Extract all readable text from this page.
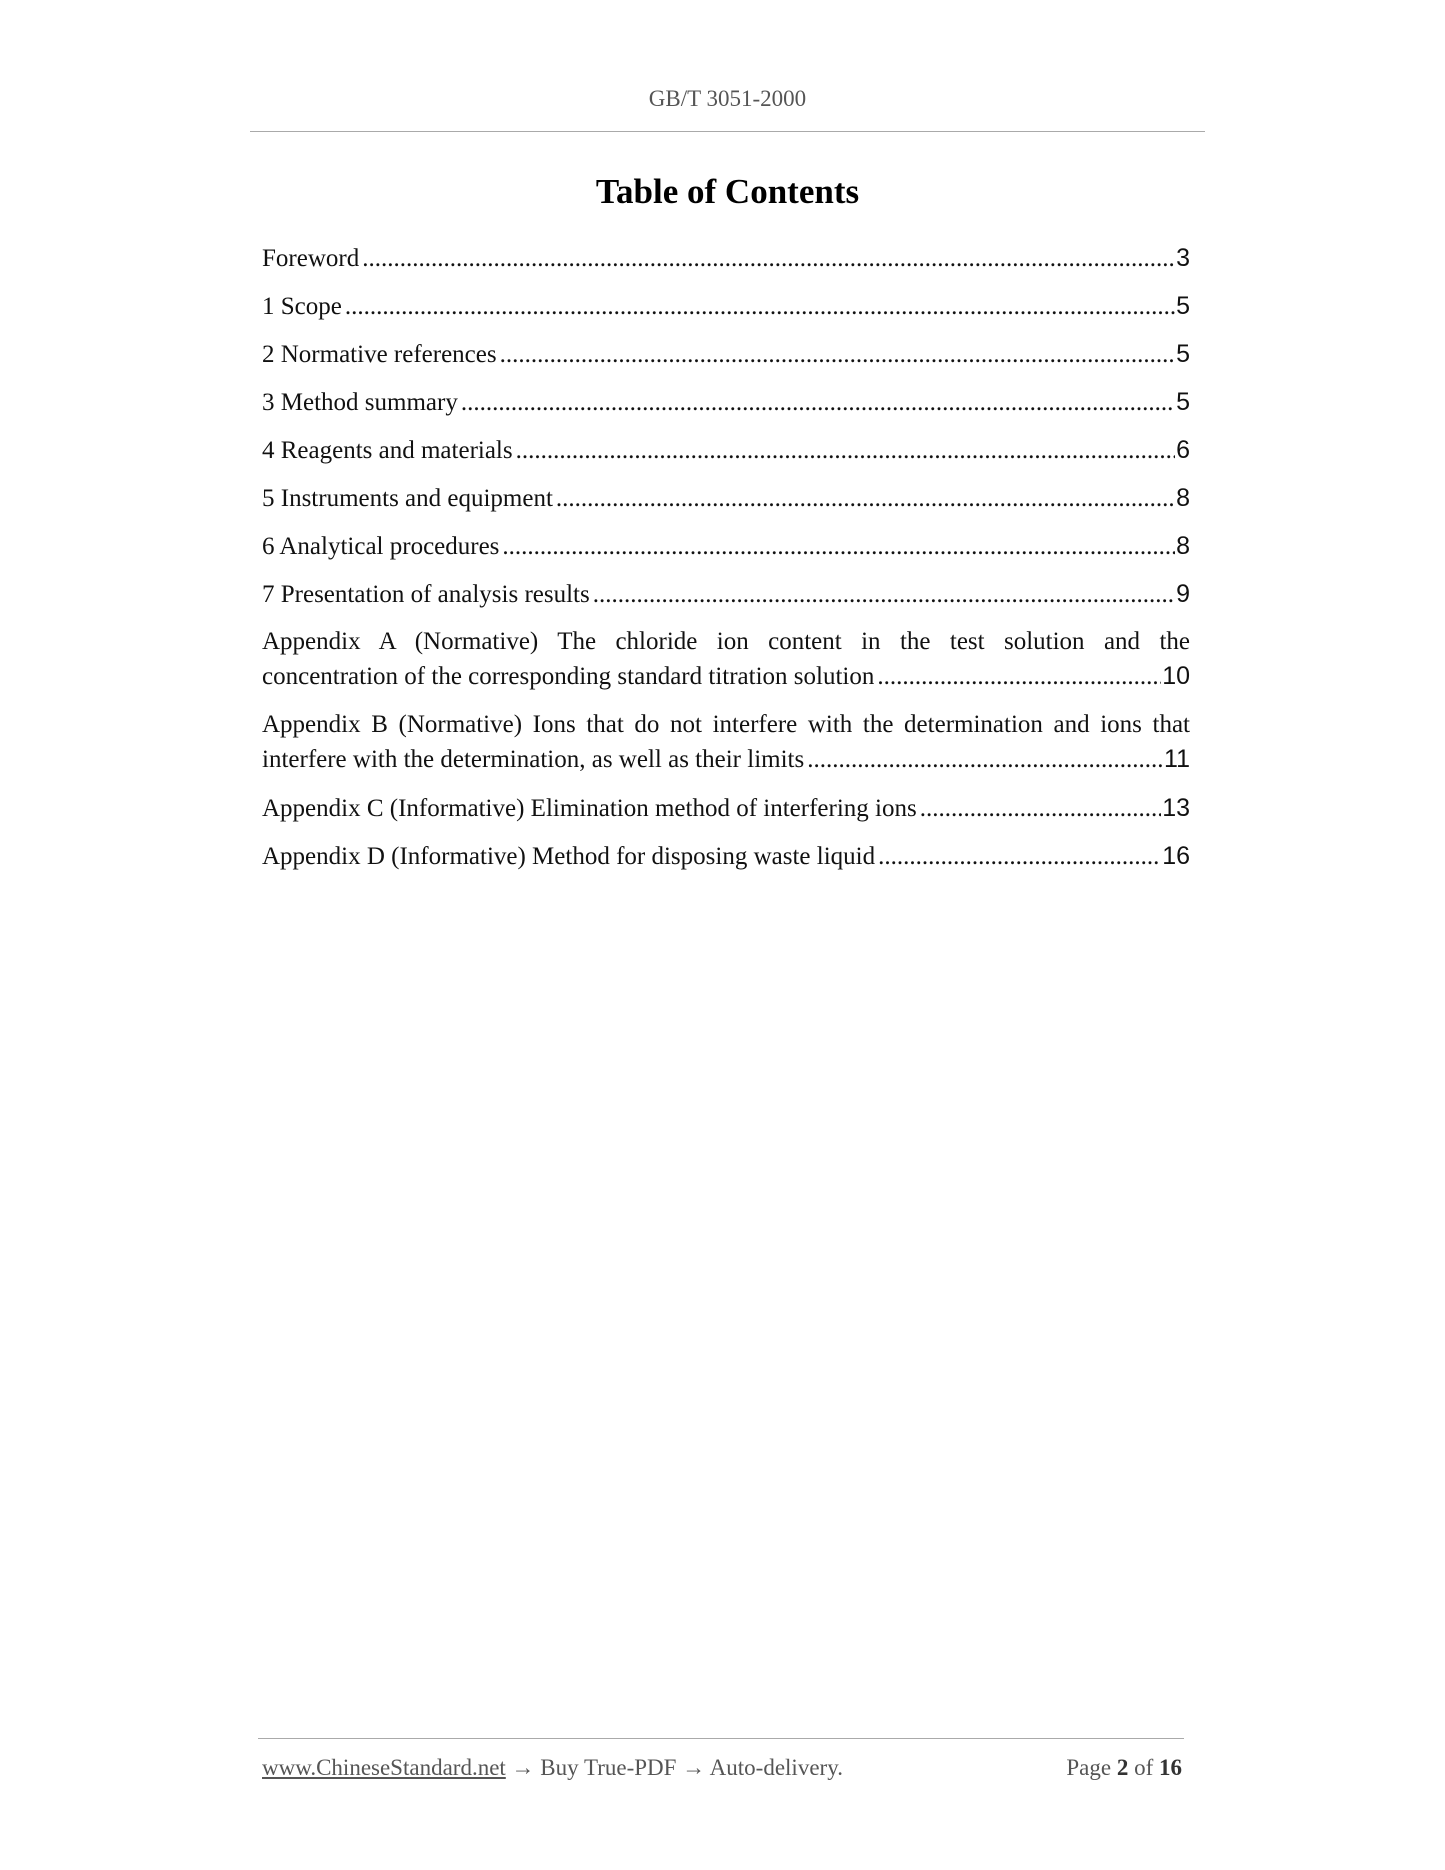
GB/T 3051-2000
Table of Contents
Foreword .....	3
1 Scope .....	5
2 Normative references .....	5
3 Method summary .....	5
4 Reagents and materials .....	6
5 Instruments and equipment .....	8
6 Analytical procedures .....	8
7 Presentation of analysis results .....	9
Appendix A (Normative) The chloride ion content in the test solution and the
concentration of the corresponding standard titration solution .....	10
Appendix B (Normative) Ions that do not interfere with the determination and ions that
interfere with the determination, as well as their limits .....	11
Appendix C (Informative) Elimination method of interfering ions .....	13
Appendix D (Informative) Method for disposing waste liquid .....	16
www.ChineseStandard.net → Buy True-PDF → Auto-delivery.	Page 2 of 16
